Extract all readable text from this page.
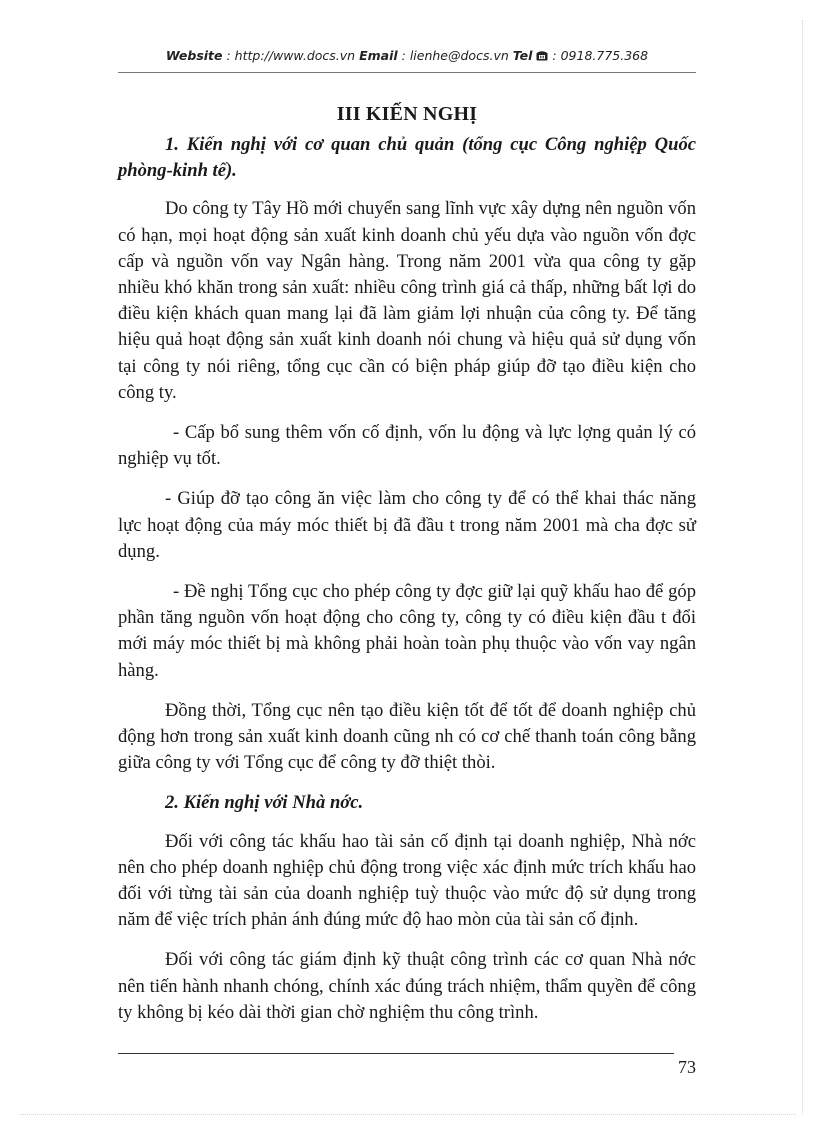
Website : http://www.docs.vn Email : lienhe@docs.vn Tel : 0918.775.368
III KIẾN NGHỊ

1. Kiến nghị với cơ quan chủ quản (tổng cục Công nghiệp Quốc phòng-kinh tế).

Do công ty Tây Hồ mới chuyển sang lĩnh vực xây dựng nên nguồn vốn có hạn, mọi hoạt động sản xuất kinh doanh chủ yếu dựa vào nguồn vốn đợc cấp và nguồn vốn vay Ngân hàng. Trong năm 2001 vừa qua công ty gặp nhiều khó khăn trong sản xuất: nhiều công trình giá cả thấp, những bất lợi do điều kiện khách quan mang lại đã làm giảm lợi nhuận của công ty. Để tăng hiệu quả hoạt động sản xuất kinh doanh nói chung và hiệu quả sử dụng vốn tại công ty nói riêng, tổng cục cần có biện pháp giúp đỡ tạo điều kiện cho công ty.

- Cấp bổ sung thêm vốn cố định, vốn lu động và lực lợng quản lý có nghiệp vụ tốt.

- Giúp đỡ tạo công ăn việc làm cho công ty để có thể khai thác năng lực hoạt động của máy móc thiết bị đã đầu t trong năm 2001 mà cha đợc sử dụng.

- Đề nghị Tổng cục cho phép công ty đợc giữ lại quỹ khấu hao để góp phần tăng nguồn vốn hoạt động cho công ty, công ty có điều kiện đầu t đổi mới máy móc thiết bị mà không phải hoàn toàn phụ thuộc vào vốn vay ngân hàng.

Đồng thời, Tổng cục nên tạo điều kiện tốt để tốt để doanh nghiệp chủ động hơn trong sản xuất kinh doanh cũng nh có cơ chế thanh toán công bằng giữa công ty với Tổng cục để công ty đỡ thiệt thòi.

2. Kiến nghị với Nhà nớc.

Đối với công tác khấu hao tài sản cố định tại doanh nghiệp, Nhà nớc nên cho phép doanh nghiệp chủ động trong việc xác định mức trích khấu hao đối với từng tài sản của doanh nghiệp tuỳ thuộc vào mức độ sử dụng trong năm để việc trích phản ánh đúng mức độ hao mòn của tài sản cố định.

Đối với công tác giám định kỹ thuật công trình các cơ quan Nhà nớc nên tiến hành nhanh chóng, chính xác đúng trách nhiệm, thẩm quyền để công ty không bị kéo dài thời gian chờ nghiệm thu công trình.

73
